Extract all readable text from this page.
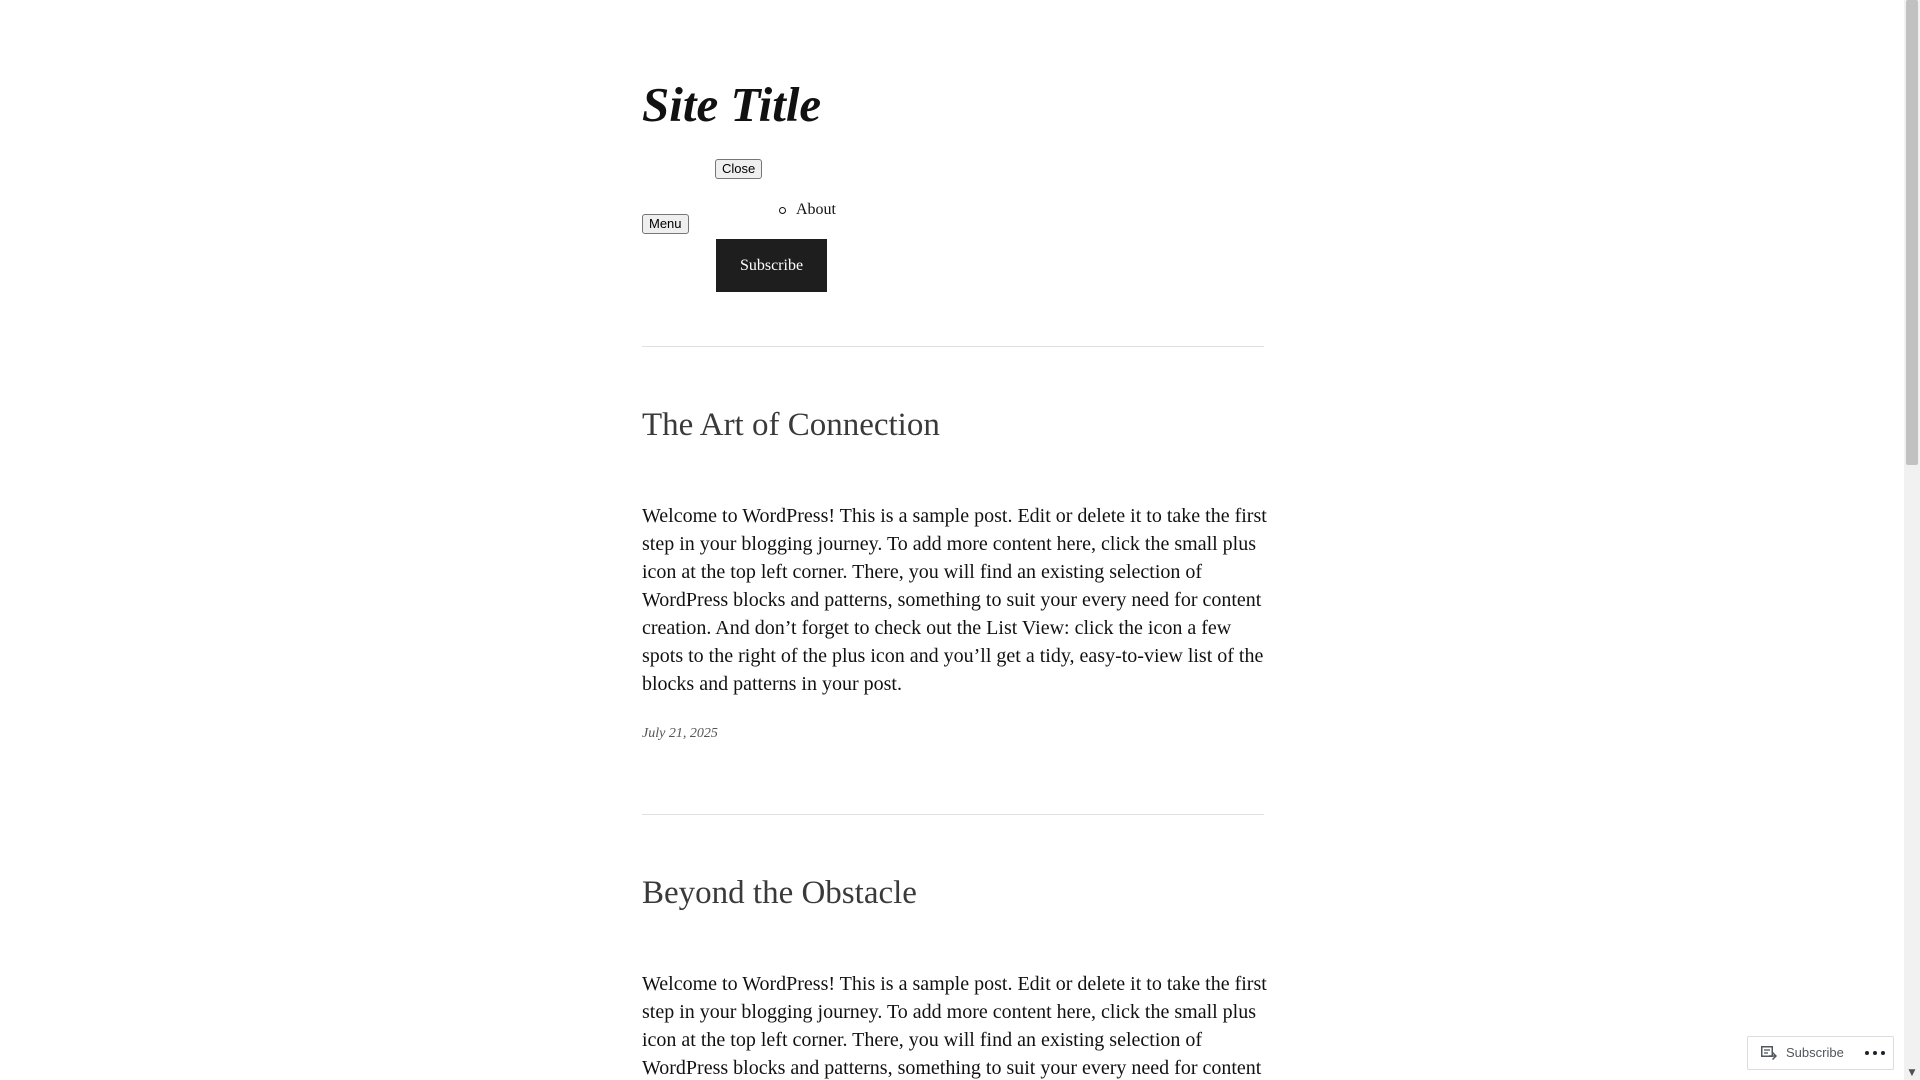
Site Title
Close
Menu
About
Subscribe
The Art of Connection

Welcome to WordPress! This is a sample post. Edit or delete it to take the first step in your blogging journey. To add more content here, click the small plus icon at the top left corner. There, you will find an existing selection of WordPress blocks and patterns, something to suit your every need for content creation. And don’t forget to check out the List View: click the icon a few spots to the right of the plus icon and you’ll get a tidy, easy-to-view list of the blocks and patterns in your post.

July 21, 2025
Beyond the Obstacle

Welcome to WordPress! This is a sample post. Edit or delete it to take the first step in your blogging journey. To add more content here, click the small plus icon at the top left corner. There, you will find an existing selection of WordPress blocks and patterns, something to suit your every need for content

Subscribe
▼
